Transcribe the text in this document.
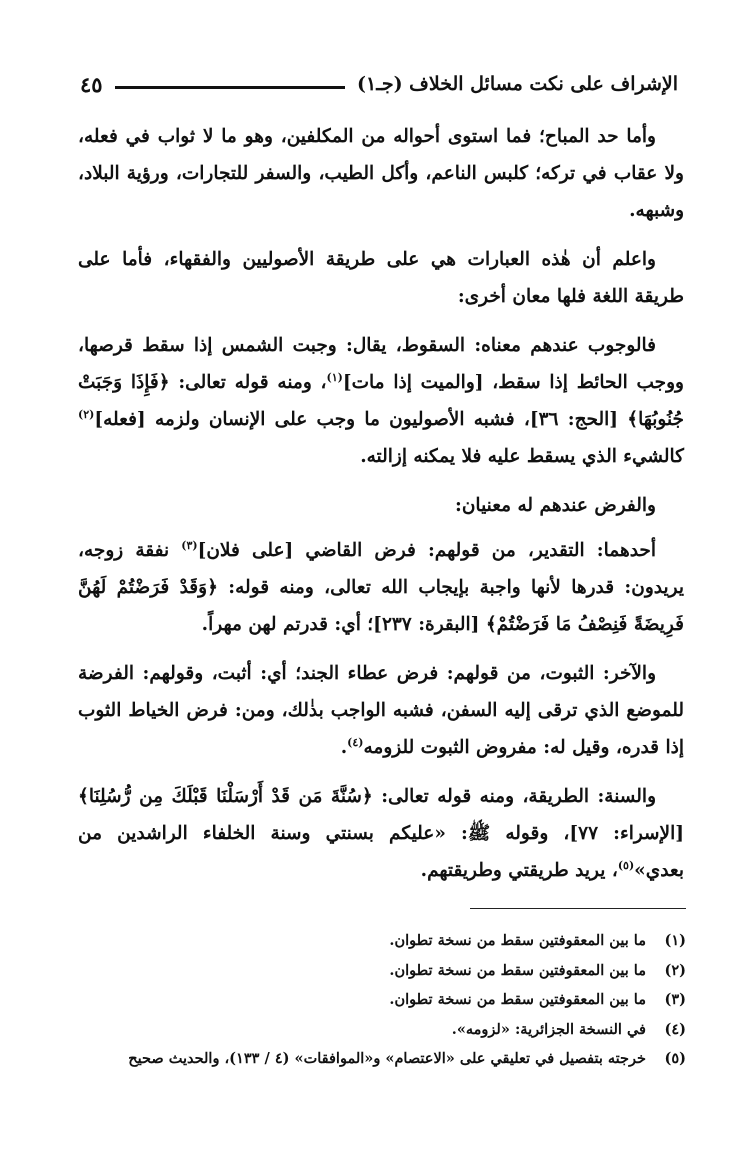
الإشراف على نكت مسائل الخلاف (جـ١)
٤٥

وأما حد المباح؛ فما استوى أحواله من المكلفين، وهو ما لا ثواب في فعله، ولا عقاب في تركه؛ كلبس الناعم، وأكل الطيب، والسفر للتجارات، ورؤية البلاد، وشبهه.

واعلم أن هٰذه العبارات هي على طريقة الأصوليين والفقهاء، فأما على طريقة اللغة فلها معان أخرى:

فالوجوب عندهم معناه: السقوط، يقال: وجبت الشمس إذا سقط قرصها، ووجب الحائط إذا سقط، [والميت إذا مات]$^{(١)}$، ومنه قوله تعالى: ﴿فَإِذَا وَجَبَتْ جُنُوبُهَا﴾ [الحج: ٣٦]، فشبه الأصوليون ما وجب على الإنسان ولزمه [فعله]$^{(٢)}$ كالشيء الذي يسقط عليه فلا يمكنه إزالته.

والفرض عندهم له معنيان:

أحدهما: التقدير، من قولهم: فرض القاضي [على فلان]$^{(٣)}$ نفقة زوجه، يريدون: قدرها لأنها واجبة بإيجاب الله تعالى، ومنه قوله: ﴿وَقَدْ فَرَضْتُمْ لَهُنَّ فَرِيضَةً فَنِصْفُ مَا فَرَضْتُمْ﴾ [البقرة: ٢٣٧]؛ أي: قدرتم لهن مهراً.

والآخر: الثبوت، من قولهم: فرض عطاء الجند؛ أي: أثبت، وقولهم: الفرضة للموضع الذي ترقى إليه السفن، فشبه الواجب بذٰلك، ومن: فرض الخياط الثوب إذا قدره، وقيل له: مفروض الثبوت للزومه$^{(٤)}$.

والسنة: الطريقة، ومنه قوله تعالى: ﴿سُنَّةَ مَن قَدْ أَرْسَلْنَا قَبْلَكَ مِن رُّسُلِنَا﴾ [الإسراء: ٧٧]، وقوله ﷺ: «عليكم بسنتي وسنة الخلفاء الراشدين من بعدي»$^{(٥)}$، يريد طريقتي وطريقتهم.

(١)
ما بين المعقوفتين سقط من نسخة تطوان.
(٢)
ما بين المعقوفتين سقط من نسخة تطوان.
(٣)
ما بين المعقوفتين سقط من نسخة تطوان.
(٤)
في النسخة الجزائرية: «لزومه».
(٥)
خرجته بتفصيل في تعليقي على «الاعتصام» و«الموافقات» (٤ / ١٣٣)، والحديث صحيح
